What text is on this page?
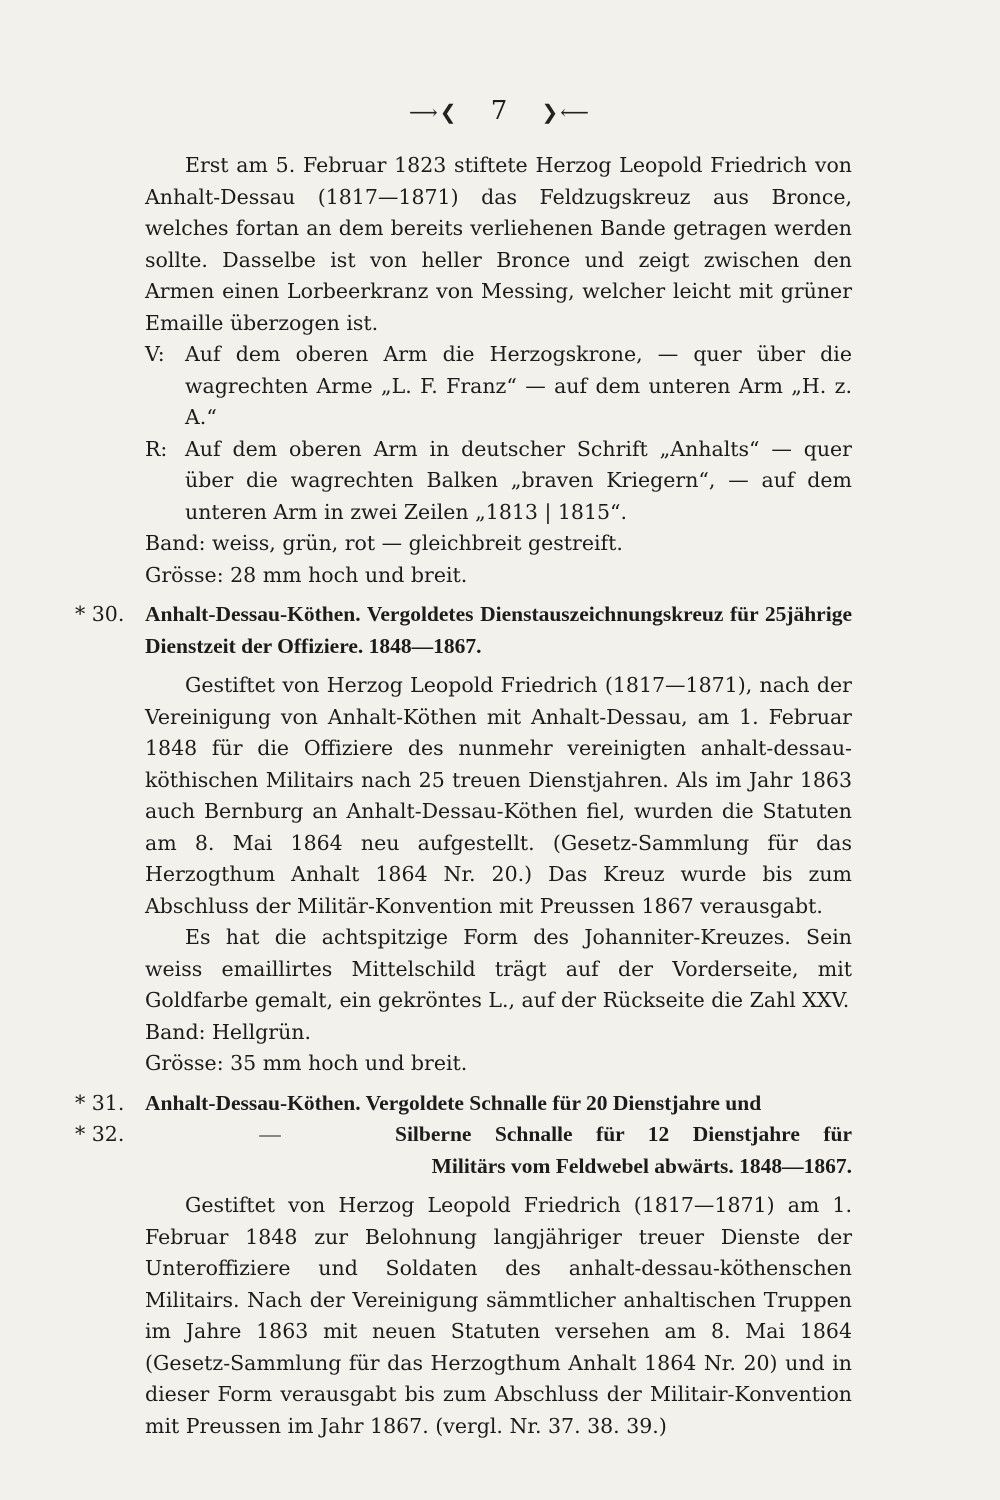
⟶❮ 7 ❯⟵

Erst am 5. Februar 1823 stiftete Herzog Leopold Friedrich von Anhalt-Dessau (1817—1871) das Feldzugskreuz aus Bronce, welches fortan an dem bereits verliehenen Bande getragen werden sollte. Dasselbe ist von heller Bronce und zeigt zwischen den Armen einen Lorbeerkranz von Messing, welcher leicht mit grüner Emaille überzogen ist.

V: Auf dem oberen Arm die Herzogskrone, — quer über die wagrechten Arme „L. F. Franz“ — auf dem unteren Arm „H. z. A.“
R: Auf dem oberen Arm in deutscher Schrift „Anhalts“ — quer über die wagrechten Balken „braven Kriegern“, — auf dem unteren Arm in zwei Zeilen „1813 | 1815“.

Band: weiss, grün, rot — gleichbreit gestreift.

Grösse: 28 mm hoch und breit.

* 30. Anhalt-Dessau-Köthen. Vergoldetes Dienstauszeichnungskreuz für 25jährige Dienstzeit der Offiziere. 1848—1867.

Gestiftet von Herzog Leopold Friedrich (1817—1871), nach der Vereinigung von Anhalt-Köthen mit Anhalt-Dessau, am 1. Februar 1848 für die Offiziere des nunmehr vereinigten anhalt-dessau-köthischen Militairs nach 25 treuen Dienstjahren. Als im Jahr 1863 auch Bernburg an Anhalt-Dessau-Köthen fiel, wurden die Statuten am 8. Mai 1864 neu aufgestellt. (Gesetz-Sammlung für das Herzogthum Anhalt 1864 Nr. 20.) Das Kreuz wurde bis zum Abschluss der Militär-Konvention mit Preussen 1867 verausgabt.

Es hat die achtspitzige Form des Johanniter-Kreuzes. Sein weiss emaillirtes Mittelschild trägt auf der Vorderseite, mit Goldfarbe gemalt, ein gekröntes L., auf der Rückseite die Zahl XXV.

Band: Hellgrün.

Grösse: 35 mm hoch und breit.

* 31. Anhalt-Dessau-Köthen. Vergoldete Schnalle für 20 Dienstjahre und
* 32.	—	Silberne Schnalle für 12 Dienstjahre für

Militärs vom Feldwebel abwärts. 1848—1867.

Gestiftet von Herzog Leopold Friedrich (1817—1871) am 1. Februar 1848 zur Belohnung langjähriger treuer Dienste der Unteroffiziere und Soldaten des anhalt-dessau-köthenschen Militairs. Nach der Vereinigung sämmtlicher anhaltischen Truppen im Jahre 1863 mit neuen Statuten versehen am 8. Mai 1864 (Gesetz-Sammlung für das Herzogthum Anhalt 1864 Nr. 20) und in dieser Form verausgabt bis zum Abschluss der Militair-Konvention mit Preussen im Jahr 1867. (vergl. Nr. 37. 38. 39.)
